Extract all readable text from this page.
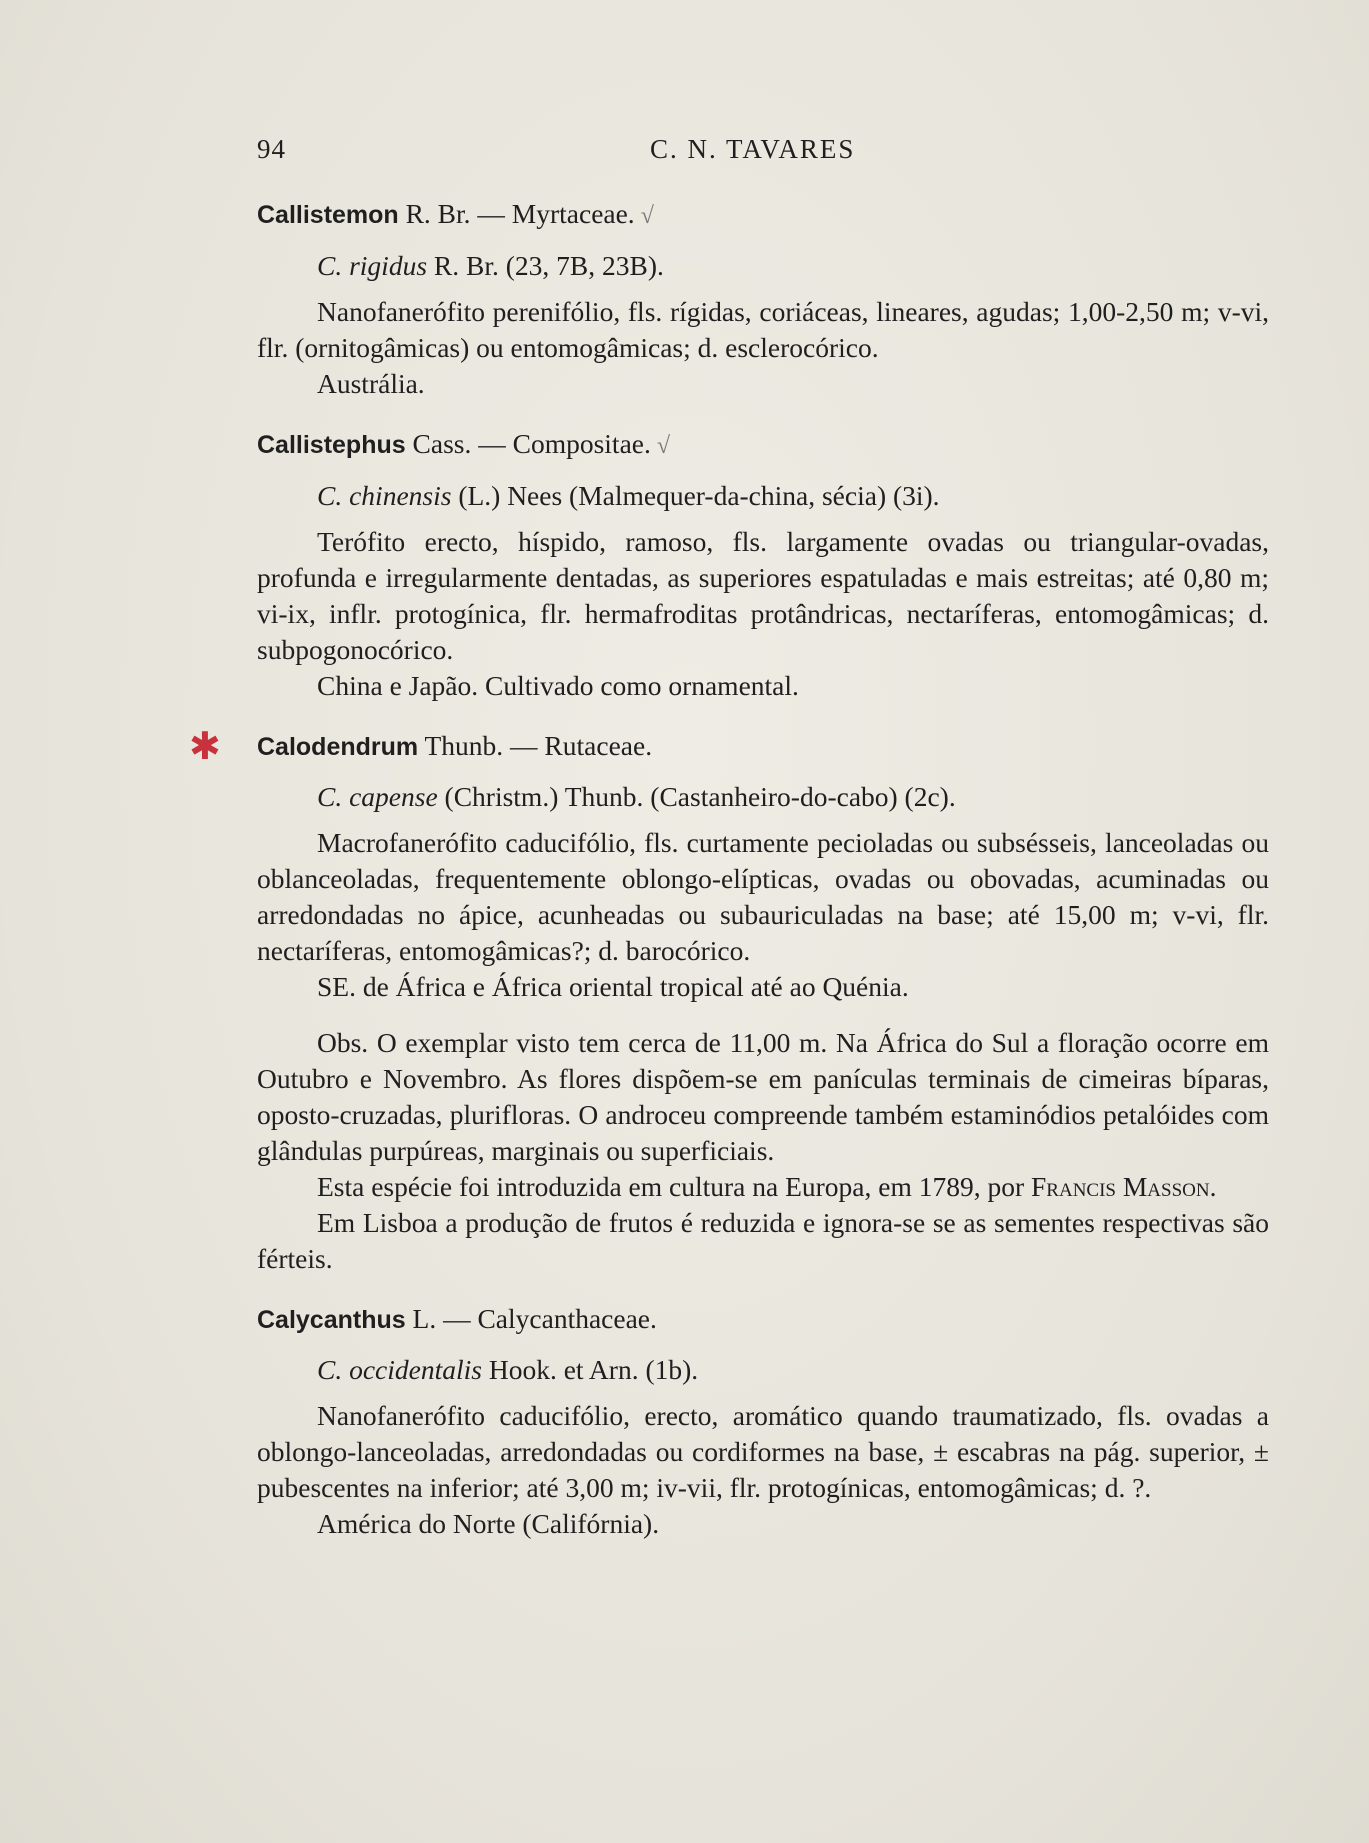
94	C. N. TAVARES
Callistemon R. Br. — Myrtaceae. √
C. rigidus R. Br. (23, 7B, 23B).

Nanofanerófito perenifólio, fls. rígidas, coriáceas, lineares, agudas; 1,00-2,50 m; v-vi, flr. (ornitogâmicas) ou entomogâmicas; d. esclerocórico.

Austrália.

Callistephus Cass. — Compositae. √
C. chinensis (L.) Nees (Malmequer-da-china, sécia) (3i).

Terófito erecto, híspido, ramoso, fls. largamente ovadas ou triangular-ovadas, profunda e irregularmente dentadas, as superiores espatuladas e mais estreitas; até 0,80 m; vi-ix, inflr. protogínica, flr. hermafroditas protândricas, nectaríferas, entomogâmicas; d. subpogonocórico.

China e Japão. Cultivado como ornamental.

✱ Calodendrum Thunb. — Rutaceae.
C. capense (Christm.) Thunb. (Castanheiro-do-cabo) (2c).

Macrofanerófito caducifólio, fls. curtamente pecioladas ou subsésseis, lanceoladas ou oblanceoladas, frequentemente oblongo-elípticas, ovadas ou obovadas, acuminadas ou arredondadas no ápice, acunheadas ou subauriculadas na base; até 15,00 m; v-vi, flr. nectaríferas, entomogâmicas?; d. barocórico.

SE. de África e África oriental tropical até ao Quénia.

Obs. O exemplar visto tem cerca de 11,00 m. Na África do Sul a floração ocorre em Outubro e Novembro. As flores dispõem-se em panículas terminais de cimeiras bíparas, oposto-cruzadas, plurifloras. O androceu compreende também estaminódios petalóides com glândulas purpúreas, marginais ou superficiais.

Esta espécie foi introduzida em cultura na Europa, em 1789, por Francis Masson.

Em Lisboa a produção de frutos é reduzida e ignora-se se as sementes respectivas são férteis.

Calycanthus L. — Calycanthaceae.
C. occidentalis Hook. et Arn. (1b).

Nanofanerófito caducifólio, erecto, aromático quando traumatizado, fls. ovadas a oblongo-lanceoladas, arredondadas ou cordiformes na base, ± escabras na pág. superior, ± pubescentes na inferior; até 3,00 m; iv-vii, flr. protogínicas, entomogâmicas; d. ?.

América do Norte (Califórnia).
